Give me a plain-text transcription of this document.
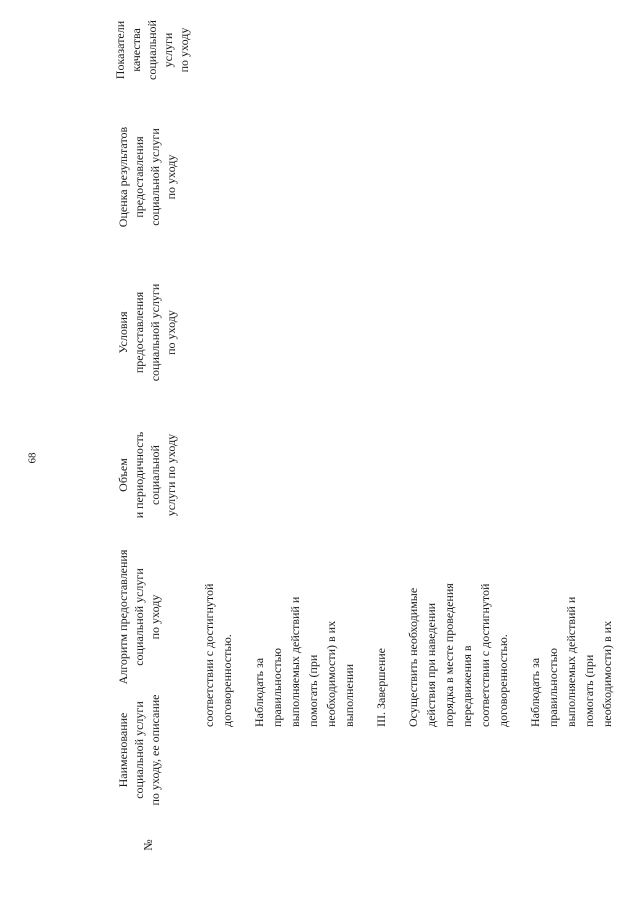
68
№
Наименование социальной услуги по уходу, ее описание
Алгоритм предоставления социальной услуги по уходу
Объем и периодичность социальной услуги по уходу
Условия предоставления социальной услуги по уходу
Оценка результатов предоставления социальной услуги по уходу
Показатели качества социальной услуги по уходу

соответствии с достигнутой договоренностью. Наблюдать за правильностью выполняемых действий и помогать (при необходимости) в их выполнении III. Завершение Осуществить необходимые действия при наведении порядка в месте проведения передвижения в соответствии с достигнутой договоренностью. Наблюдать за правильностью выполняемых действий и помогать (при необходимости) в их
